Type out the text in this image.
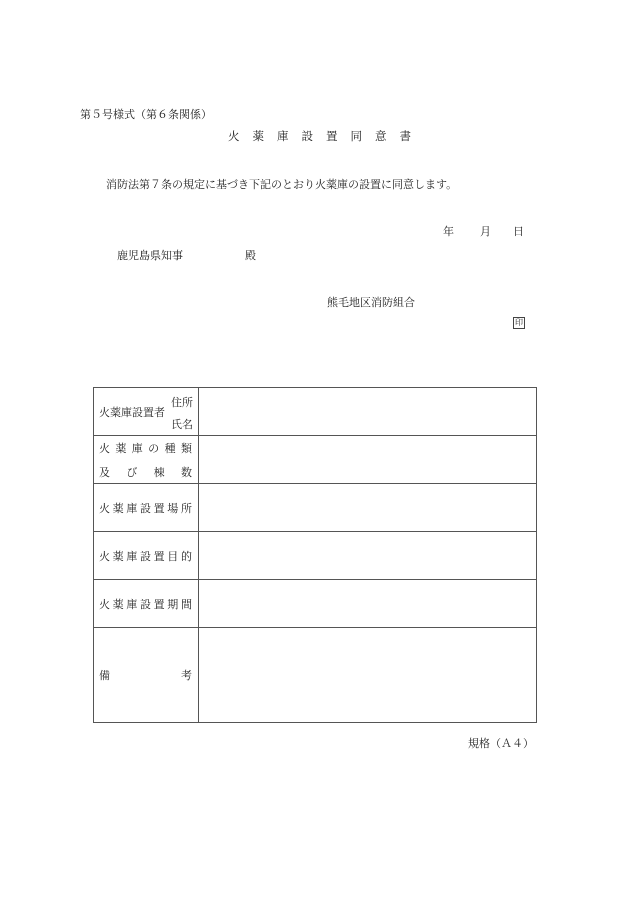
第５号様式（第６条関係）
火薬庫設置同意書
消防法第７条の規定に基づき下記のとおり火薬庫の設置に同意します。
年 月 日
鹿児島県知事	殿
熊毛地区消防組合
印
火薬庫設置者
住所
氏名	

火 薬 庫 の 種 類
及 び 棟 数

火 薬 庫 設 置 場 所

火 薬 庫 設 置 目 的

火 薬 庫 設 置 期 間

備 考	

規格（Ａ４）
